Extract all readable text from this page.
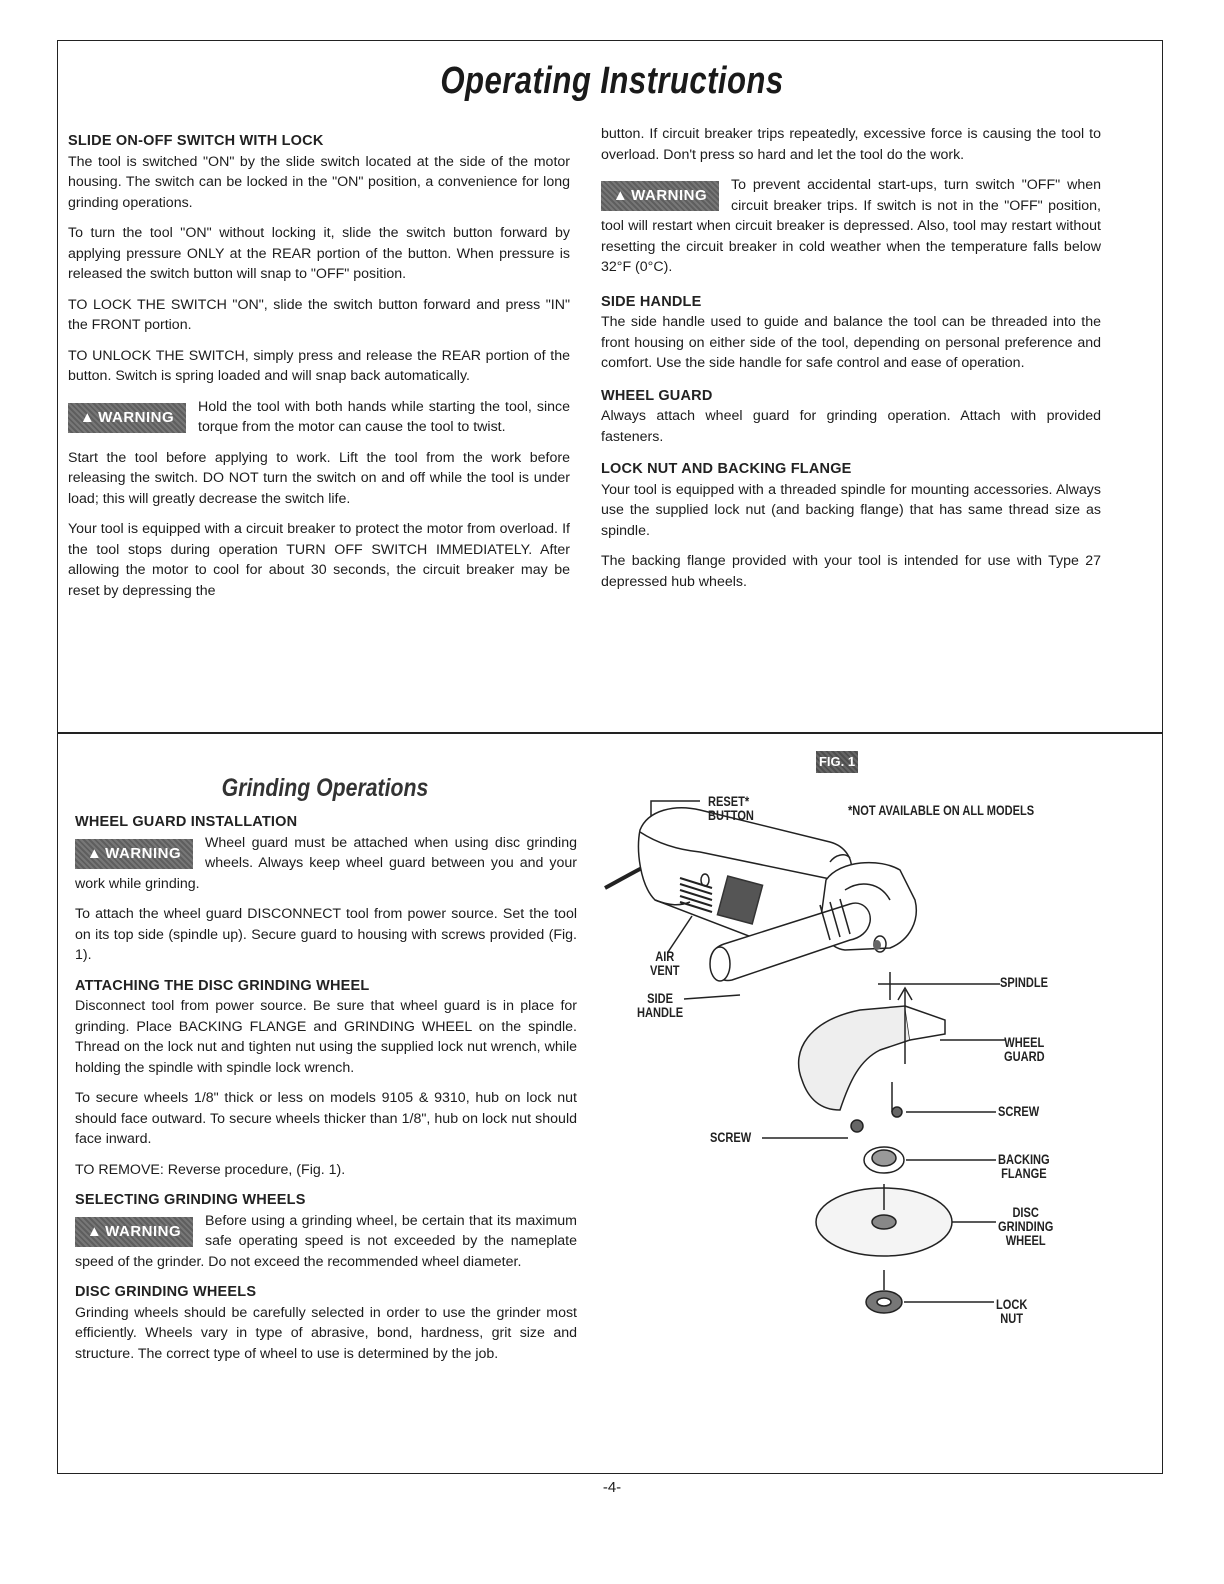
Operating Instructions
SLIDE ON-OFF SWITCH WITH LOCK

The tool is switched "ON" by the slide switch located at the side of the motor housing. The switch can be locked in the "ON" position, a convenience for long grinding operations.

To turn the tool "ON" without locking it, slide the switch button forward by applying pressure ONLY at the REAR portion of the button. When pressure is released the switch button will snap to "OFF" position.

TO LOCK THE SWITCH "ON", slide the switch button forward and press "IN" the FRONT portion.

TO UNLOCK THE SWITCH, simply press and release the REAR portion of the button. Switch is spring loaded and will snap back automatically.

▲ WARNING
Hold the tool with both hands while starting the tool, since torque from the motor can cause the tool to twist.

Start the tool before applying to work. Lift the tool from the work before releasing the switch. DO NOT turn the switch on and off while the tool is under load; this will greatly decrease the switch life.

Your tool is equipped with a circuit breaker to protect the motor from overload. If the tool stops during operation TURN OFF SWITCH IMMEDIATELY. After allowing the motor to cool for about 30 seconds, the circuit breaker may be reset by depressing the

button. If circuit breaker trips repeatedly, excessive force is causing the tool to overload. Don't press so hard and let the tool do the work.

▲ WARNING
To prevent accidental start-ups, turn switch "OFF" when circuit breaker trips. If switch is not in the "OFF" position, tool will restart when circuit breaker is depressed. Also, tool may restart without resetting the circuit breaker in cold weather when the temperature falls below 32°F (0°C).

SIDE HANDLE

The side handle used to guide and balance the tool can be threaded into the front housing on either side of the tool, depending on personal preference and comfort. Use the side handle for safe control and ease of operation.

WHEEL GUARD

Always attach wheel guard for grinding operation. Attach with provided fasteners.

LOCK NUT AND BACKING FLANGE

Your tool is equipped with a threaded spindle for mounting accessories. Always use the supplied lock nut (and backing flange) that has same thread size as spindle.

The backing flange provided with your tool is intended for use with Type 27 depressed hub wheels.

Grinding Operations
WHEEL GUARD INSTALLATION

▲ WARNING
Wheel guard must be attached when using disc grinding wheels. Always keep wheel guard between you and your work while grinding.

To attach the wheel guard DISCONNECT tool from power source. Set the tool on its top side (spindle up). Secure guard to housing with screws provided (Fig. 1).

ATTACHING THE DISC GRINDING WHEEL

Disconnect tool from power source. Be sure that wheel guard is in place for grinding. Place BACKING FLANGE and GRINDING WHEEL on the spindle. Thread on the lock nut and tighten nut using the supplied lock nut wrench, while holding the spindle with spindle lock wrench.

To secure wheels 1/8" thick or less on models 9105 & 9310, hub on lock nut should face outward. To secure wheels thicker than 1/8", hub on lock nut should face inward.

TO REMOVE: Reverse procedure, (Fig. 1).

SELECTING GRINDING WHEELS

▲ WARNING
Before using a grinding wheel, be certain that its maximum safe operating speed is not exceeded by the nameplate speed of the grinder. Do not exceed the recommended wheel diameter.

DISC GRINDING WHEELS

Grinding wheels should be carefully selected in order to use the grinder most efficiently. Wheels vary in type of abrasive, bond, hardness, grit size and structure. The correct type of wheel to use is determined by the job.

FIG. 1
*NOT AVAILABLE ON ALL MODELS
RESET*
BUTTON
AIR
VENT
SIDE
HANDLE
SPINDLE
WHEEL
GUARD
SCREW
SCREW
BACKING
FLANGE
DISC
GRINDING
WHEEL
LOCK
NUT
-4-
